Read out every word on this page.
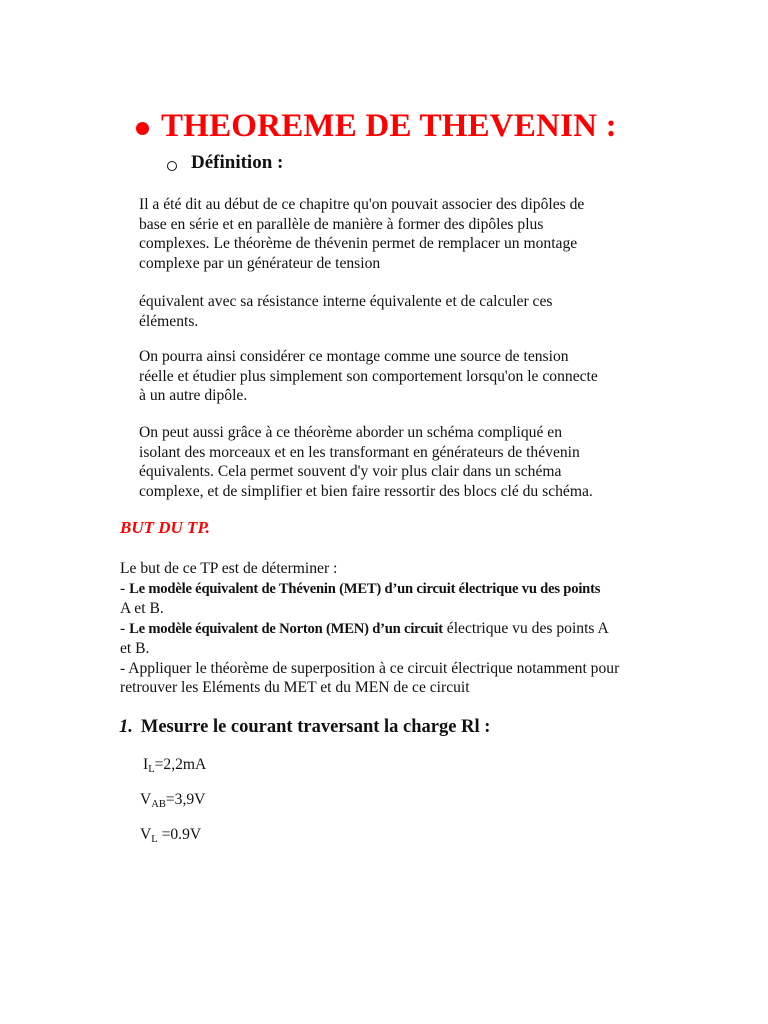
THEOREME DE THEVENIN :
Définition :
Il a été dit au début de ce chapitre qu'on pouvait associer des dipôles de
base en série et en parallèle de manière à former des dipôles plus
complexes. Le théorème de thévenin permet de remplacer un montage
complexe par un générateur de tension
équivalent avec sa résistance interne équivalente et de calculer ces
éléments.
On pourra ainsi considérer ce montage comme une source de tension
réelle et étudier plus simplement son comportement lorsqu'on le connecte
à un autre dipôle.
On peut aussi grâce à ce théorème aborder un schéma compliqué en
isolant des morceaux et en les transformant en générateurs de thévenin
équivalents. Cela permet souvent d'y voir plus clair dans un schéma
complexe, et de simplifier et bien faire ressortir des blocs clé du schéma.
BUT DU TP.
Le but de ce TP est de déterminer :
- Le modèle équivalent de Thévenin (MET) d’un circuit électrique vu des points
A et B.
- Le modèle équivalent de Norton (MEN) d’un circuit électrique vu des points A
et B.
- Appliquer le théorème de superposition à ce circuit électrique notamment pour
retrouver les Eléments du MET et du MEN de ce circuit
1. Mesurre le courant traversant la charge Rl :
$I_L=2,2mA$
$V_{AB}=3,9V$
$V_L =0.9V$
